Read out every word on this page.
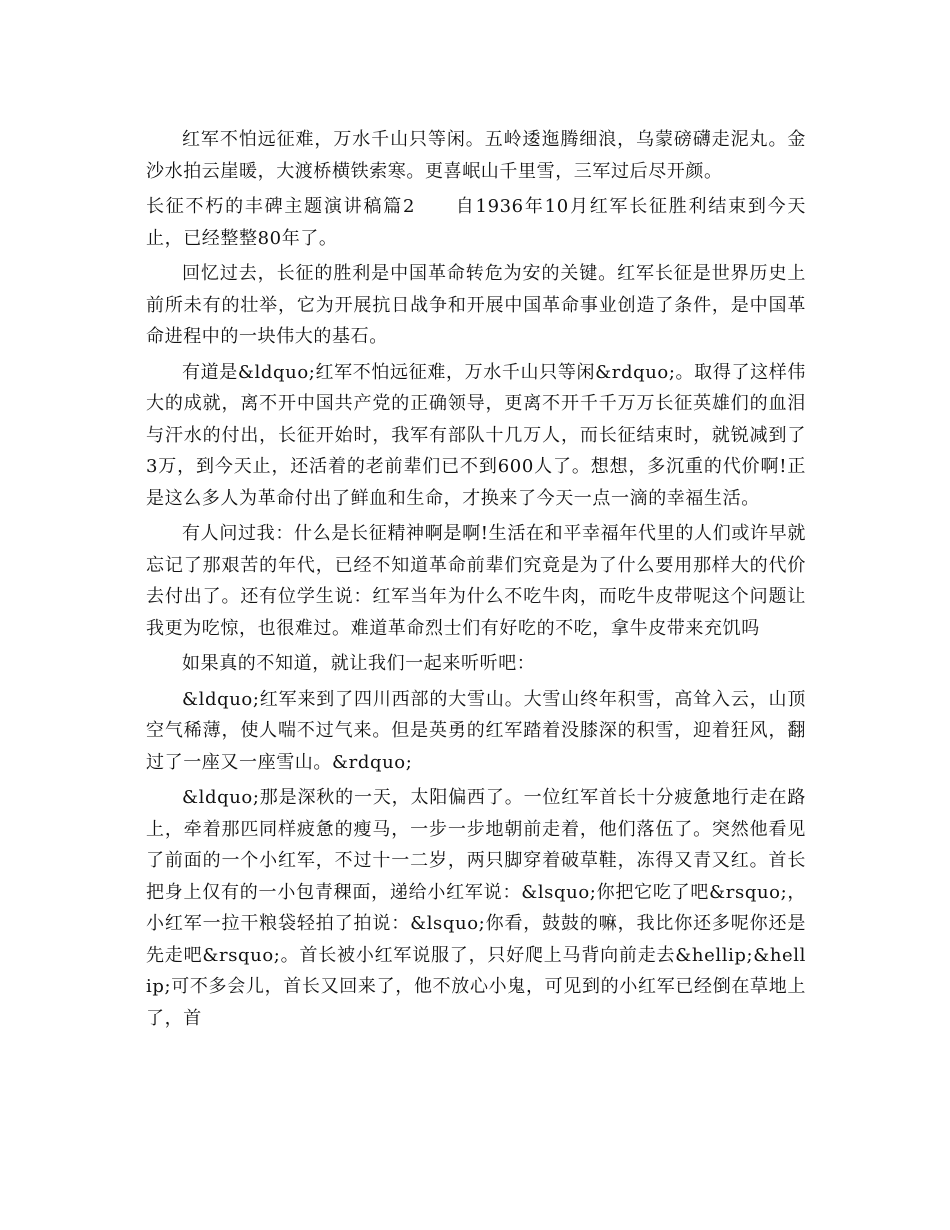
红军不怕远征难，万水千山只等闲。五岭逶迤腾细浪，乌蒙磅礴走泥丸。金沙水拍云崖暖，大渡桥横铁索寒。更喜岷山千里雪，三军过后尽开颜。

长征不朽的丰碑主题演讲稿篇2　　自1936年10月红军长征胜利结束到今天止，已经整整80年了。

回忆过去，长征的胜利是中国革命转危为安的关键。红军长征是世界历史上前所未有的壮举，它为开展抗日战争和开展中国革命事业创造了条件，是中国革命进程中的一块伟大的基石。

有道是&ldquo;红军不怕远征难，万水千山只等闲&rdquo;。取得了这样伟大的成就，离不开中国共产党的正确领导，更离不开千千万万长征英雄们的血泪与汗水的付出，长征开始时，我军有部队十几万人，而长征结束时，就锐减到了3万，到今天止，还活着的老前辈们已不到600人了。想想，多沉重的代价啊!正是这么多人为革命付出了鲜血和生命，才换来了今天一点一滴的幸福生活。

有人问过我：什么是长征精神啊是啊!生活在和平幸福年代里的人们或许早就忘记了那艰苦的年代，已经不知道革命前辈们究竟是为了什么要用那样大的代价去付出了。还有位学生说：红军当年为什么不吃牛肉，而吃牛皮带呢这个问题让我更为吃惊，也很难过。难道革命烈士们有好吃的不吃，拿牛皮带来充饥吗

如果真的不知道，就让我们一起来听听吧：

&ldquo;红军来到了四川西部的大雪山。大雪山终年积雪，高耸入云，山顶空气稀薄，使人喘不过气来。但是英勇的红军踏着没膝深的积雪，迎着狂风，翻过了一座又一座雪山。&rdquo;

&ldquo;那是深秋的一天，太阳偏西了。一位红军首长十分疲惫地行走在路上，牵着那匹同样疲惫的瘦马，一步一步地朝前走着，他们落伍了。突然他看见了前面的一个小红军，不过十一二岁，两只脚穿着破草鞋，冻得又青又红。首长把身上仅有的一小包青稞面，递给小红军说：&lsquo;你把它吃了吧&rsquo;，小红军一拉干粮袋轻拍了拍说：&lsquo;你看，鼓鼓的嘛，我比你还多呢你还是先走吧&rsquo;。首长被小红军说服了，只好爬上马背向前走去&hellip;&hellip;可不多会儿，首长又回来了，他不放心小鬼，可见到的小红军已经倒在草地上了，首
